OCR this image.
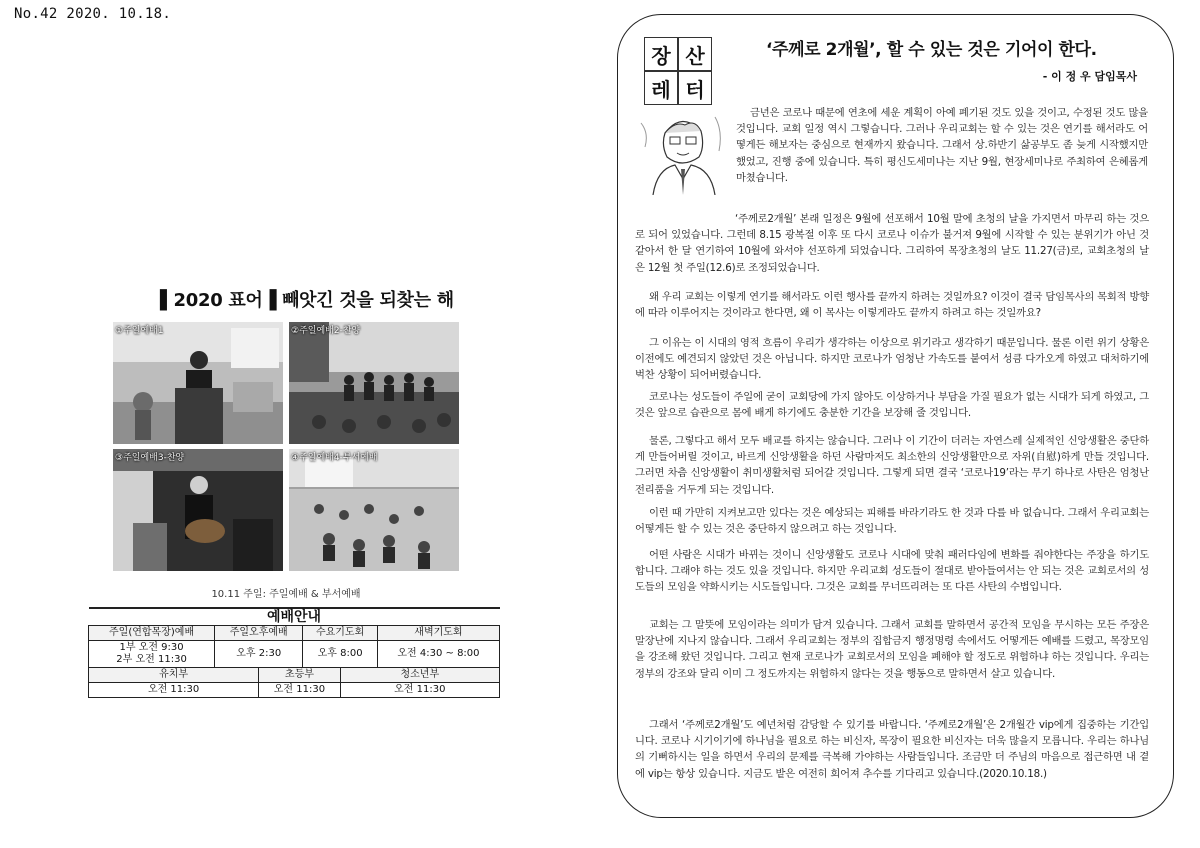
No.42 2020. 10.18.
▌2020 표어▐ 빼앗긴 것을 되찾는 해
①주일예배1	②주일예배2-찬양
③주일예배3-찬양	④주일예배4-부서예배
10.11 주일: 주일예배 & 부서예배
예배안내					
주일(연합목장)예배	주일오후예배		수요기도회		새벽기도회
1부 오전 9:30
2부 오전 11:30	오후 2:30		오후 8:00		오전 4:30 ~ 8:00
유치부		초등부		청소년부	
오전 11:30		오전 11:30		오전 11:30	
장 산
레 터
‘주께로 2개월’, 할 수 있는 것은 기어이 한다.
- 이 정 우 담임목사

금년은 코로나 때문에 연초에 세운 계획이 아예 폐기된 것도 있을 것이고, 수정된 것도 많을 것입니다. 교회 일정 역시 그렇습니다. 그러나 우리교회는 할 수 있는 것은 연기를 해서라도 어떻게든 해보자는 중심으로 현재까지 왔습니다. 그래서 상.하반기 삶공부도 좀 늦게 시작했지만 했었고, 진행 중에 있습니다. 특히 평신도세미나는 지난 9월, 현장세미나로 주최하여 은혜롭게 마쳤습니다.

‘주께로2개월’ 본래 일정은 9월에 선포해서 10월 말에 초청의 날을 가지면서 마무리 하는 것으로 되어 있었습니다. 그런데 8.15 광복절 이후 또 다시 코로나 이슈가 불거져 9월에 시작할 수 있는 분위기가 아닌 것 같아서 한 달 연기하여 10월에 와서야 선포하게 되었습니다. 그리하여 목장초청의 날도 11.27(금)로, 교회초청의 날은 12월 첫 주일(12.6)로 조정되었습니다.

왜 우리 교회는 이렇게 연기를 해서라도 이런 행사를 끝까지 하려는 것일까요? 이것이 결국 담임목사의 목회적 방향에 따라 이루어지는 것이라고 한다면, 왜 이 목사는 이렇게라도 끝까지 하려고 하는 것일까요?

그 이유는 이 시대의 영적 흐름이 우리가 생각하는 이상으로 위기라고 생각하기 때문입니다. 물론 이런 위기 상황은 이전에도 예견되지 않았던 것은 아닙니다. 하지만 코로나가 엄청난 가속도를 붙여서 성큼 다가오게 하였고 대처하기에 벅찬 상황이 되어버렸습니다.

코로나는 성도들이 주일에 굳이 교회당에 가지 않아도 이상하거나 부담을 가질 필요가 없는 시대가 되게 하였고, 그것은 앞으로 습관으로 몸에 배게 하기에도 충분한 기간을 보장해 줄 것입니다.

물론, 그렇다고 해서 모두 배교를 하지는 않습니다. 그러나 이 기간이 더러는 자연스레 실제적인 신앙생활은 중단하게 만들어버릴 것이고, 바르게 신앙생활을 하던 사람마저도 최소한의 신앙생활만으로 자위(自慰)하게 만들 것입니다. 그러면 차츰 신앙생활이 취미생활처럼 되어갈 것입니다. 그렇게 되면 결국 ‘코로나19’라는 무기 하나로 사탄은 엄청난 전리품을 거두게 되는 것입니다.

이런 때 가만히 지켜보고만 있다는 것은 예상되는 피해를 바라기라도 한 것과 다를 바 없습니다. 그래서 우리교회는 어떻게든 할 수 있는 것은 중단하지 않으려고 하는 것입니다.

어떤 사람은 시대가 바뀌는 것이니 신앙생활도 코로나 시대에 맞춰 패러다임에 변화를 줘야한다는 주장을 하기도 합니다. 그래야 하는 것도 있을 것입니다. 하지만 우리교회 성도들이 절대로 받아들여서는 안 되는 것은 교회로서의 성도들의 모임을 약화시키는 시도들입니다. 그것은 교회를 무너뜨리려는 또 다른 사탄의 수법입니다.

교회는 그 말뜻에 모임이라는 의미가 담겨 있습니다. 그래서 교회를 말하면서 공간적 모임을 무시하는 모든 주장은 말장난에 지나지 않습니다. 그래서 우리교회는 정부의 집합금지 행정명령 속에서도 어떻게든 예배를 드렸고, 목장모임을 강조해 왔던 것입니다. 그리고 현재 코로나가 교회로서의 모임을 폐해야 할 정도로 위험하냐 하는 것입니다. 우리는 정부의 강조와 달리 이미 그 정도까지는 위험하지 않다는 것을 행동으로 말하면서 살고 있습니다.

그래서 ‘주께로2개월’도 예년처럼 감당할 수 있기를 바랍니다. ‘주께로2개월’은 2개월간 vip에게 집중하는 기간입니다. 코로나 시기이기에 하나님을 필요로 하는 비신자, 목장이 필요한 비신자는 더욱 많을지 모릅니다. 우리는 하나님의 기뻐하시는 일을 하면서 우리의 문제를 극복해 가야하는 사람들입니다. 조금만 더 주님의 마음으로 접근하면 내 곁에 vip는 항상 있습니다. 지금도 밭은 여전히 희어져 추수를 기다리고 있습니다.(2020.10.18.)
